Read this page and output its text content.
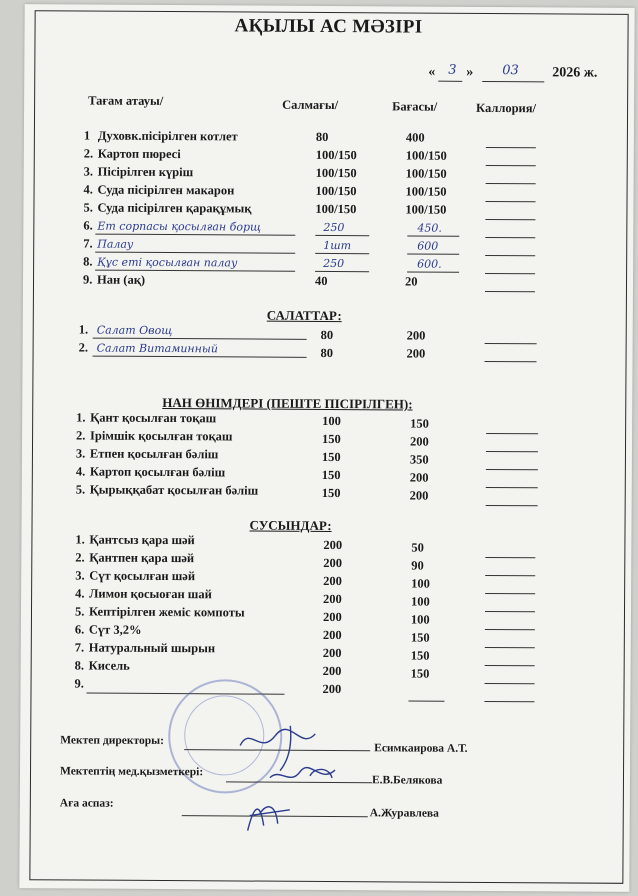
АҚЫЛЫ АС МӘЗІРІ
« 3 » 03 2026 ж.
Тағам атауы/	Салмағы/	Бағасы/	Каллория/
1 Духовк.пісірілген котлет	80	400
2. Картоп пюресі	100/150	100/150
3. Пісірілген күріш	100/150	100/150
4. Суда пісірілген макарон	100/150	100/150
5. Суда пісірілген қарақұмық	100/150	100/150
6. Ет сорпасы қосылған борщ	250	450.
7. Палау	1шт	600
8. Құс еті қосылған палау	250	600.
9. Нан (ақ)	40	20
САЛАТТАР:
1. Салат Овощ	80	200
2. Салат Витаминный	80	200
НАН ӨНІМДЕРІ (ПЕШТЕ ПІСІРІЛГЕН):
1. Қант қосылған тоқаш	100	150
2. Ірімшік қосылған тоқаш	150	200
3. Етпен қосылған бәліш	150	350
4. Картоп қосылған бәліш	150	200
5. Қырыққабат қосылған бәліш	150	200
СУСЫНДАР:
1. Қантсыз қара шәй	200	50
2. Қантпен қара шәй	200	90
3. Сүт қосылған шәй	200	100
4. Лимон қосыоған шай	200	100
5. Кептірілген жеміс компоты	200	100
6. Сүт 3,2%	200	150
7. Натуральный шырын	200	150
8. Кисель	200	150
9.	200
Мектеп директоры:
Есимкаирова А.Т.
Мектептің мед.қызметкері:
Е.В.Белякова
Аға аспаз:
А.Журавлева
